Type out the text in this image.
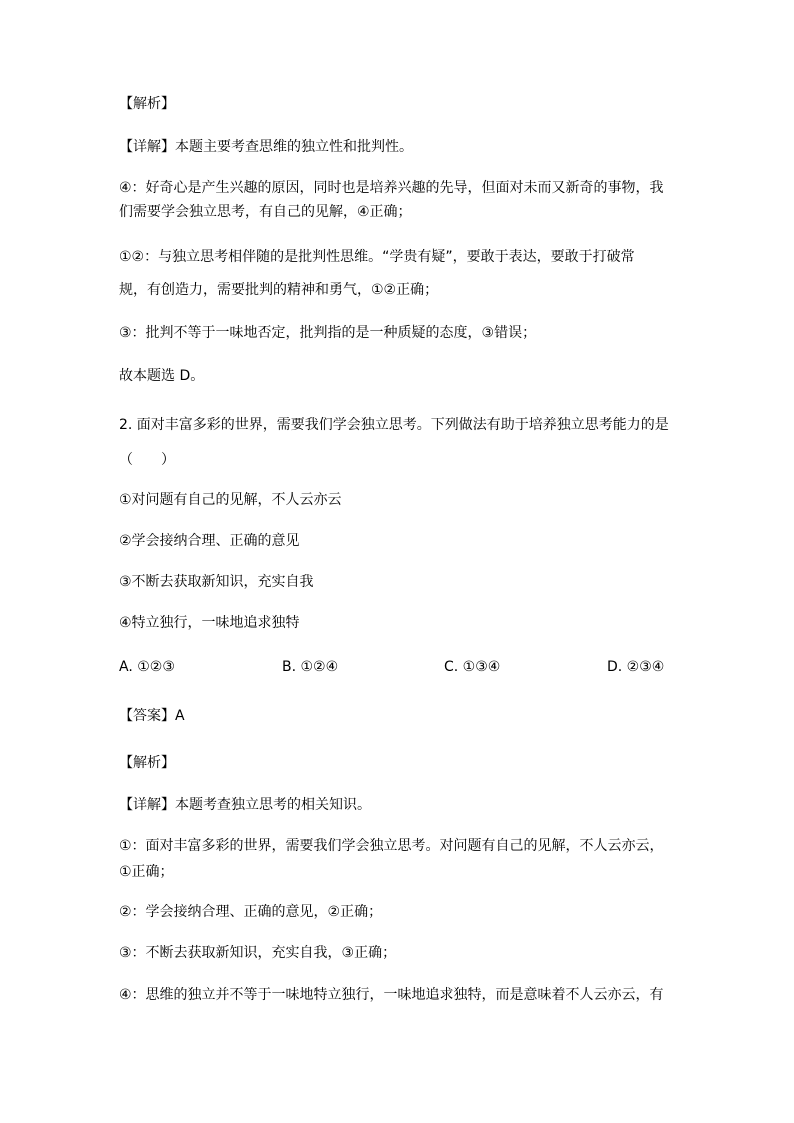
【解析】
【详解】本题主要考查思维的独立性和批判性。
④：好奇心是产生兴趣的原因，同时也是培养兴趣的先导，但面对未而又新奇的事物，我
们需要学会独立思考，有自己的见解，④正确；
①②：与独立思考相伴随的是批判性思维。“学贵有疑”，要敢于表达，要敢于打破常
规，有创造力，需要批判的精神和勇气，①②正确；
③：批判不等于一味地否定，批判指的是一种质疑的态度，③错误；
故本题选 D。
2. 面对丰富多彩的世界，需要我们学会独立思考。下列做法有助于培养独立思考能力的是
（　　）
①对问题有自己的见解，不人云亦云
②学会接纳合理、正确的意见
③不断去获取新知识，充实自我
④特立独行，一味地追求独特
A. ①②③	B. ①②④	C. ①③④	D. ②③④
【答案】A
【解析】
【详解】本题考查独立思考的相关知识。
①：面对丰富多彩的世界，需要我们学会独立思考。对问题有自己的见解，不人云亦云，
①正确；
②：学会接纳合理、正确的意见，②正确；
③：不断去获取新知识，充实自我，③正确；
④：思维的独立并不等于一味地特立独行，一味地追求独特，而是意味着不人云亦云，有
